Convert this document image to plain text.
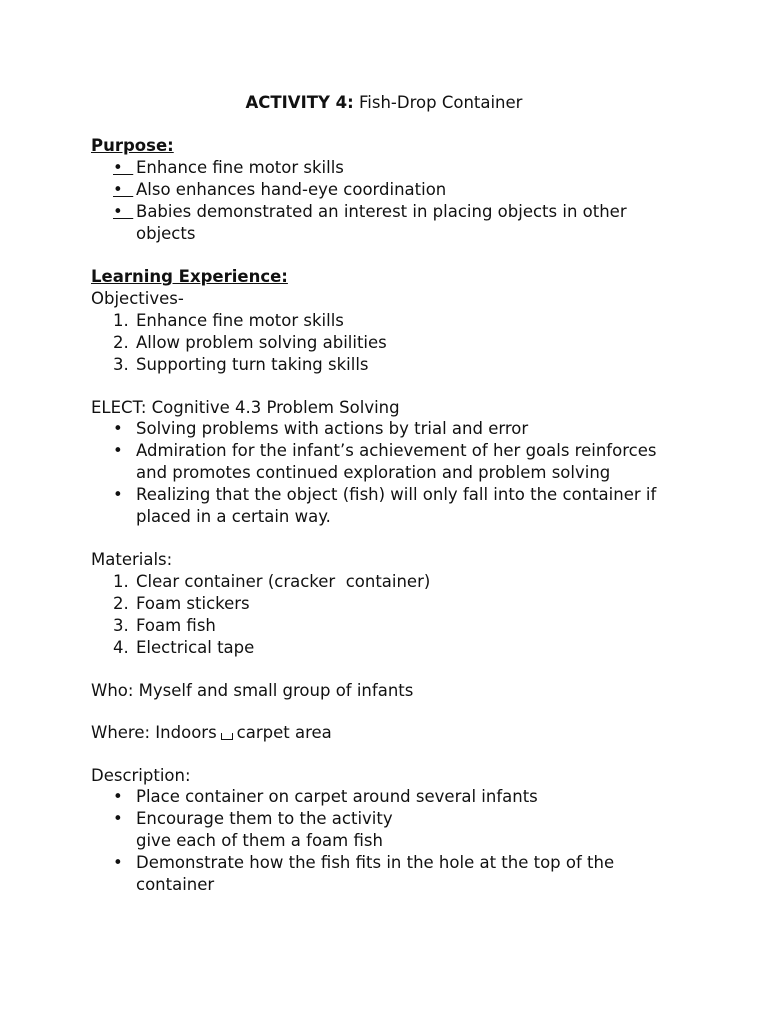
ACTIVITY 4: Fish-Drop Container
Purpose:
• Enhance fine motor skills
• Also enhances hand-eye coordination
• Babies demonstrated an interest in placing objects in other objects
Learning Experience:
Objectives-
1. Enhance fine motor skills
2. Allow problem solving abilities
3. Supporting turn taking skills
ELECT: Cognitive 4.3 Problem Solving
• Solving problems with actions by trial and error
• Admiration for the infant’s achievement of her goals reinforces and promotes continued exploration and problem solving
• Realizing that the object (fish) will only fall into the container if placed in a certain way.
Materials:
1. Clear container (cracker  container)
2. Foam stickers
3. Foam fish
4. Electrical tape
Who: Myself and small group of infants
Where: Indoors carpet area
Description:
• Place container on carpet around several infants
• Encourage them to the activity
give each of them a foam fish
• Demonstrate how the fish fits in the hole at the top of the container
